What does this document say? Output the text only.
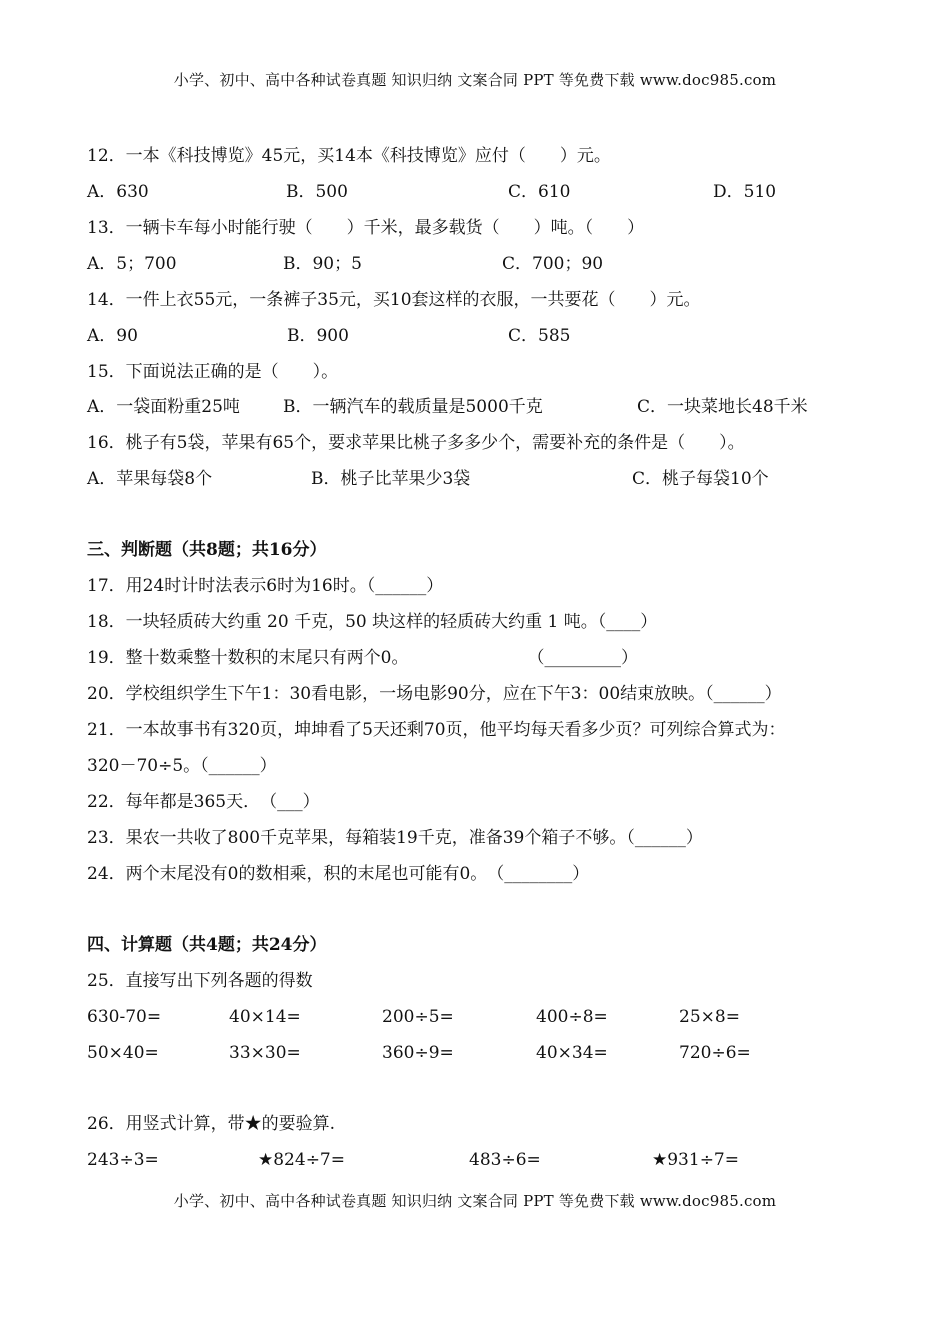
小学、初中、高中各种试卷真题 知识归纳 文案合同 PPT 等免费下载 www.doc985.com
12．一本《科技博览》45元，买14本《科技博览》应付（　　）元。
A．630	B．500	C．610	D．510
13．一辆卡车每小时能行驶（　　）千米，最多载货（　　）吨。（　　）
A．5；700	B．90；5	C．700；90
14．一件上衣55元，一条裤子35元，买10套这样的衣服，一共要花（　　）元。
A．90	B．900	C．585
15．下面说法正确的是（　　）。
A．一袋面粉重25吨	B．一辆汽车的载质量是5000千克	C．一块菜地长48千米
16．桃子有5袋，苹果有65个，要求苹果比桃子多多少个，需要补充的条件是（　　）。
A．苹果每袋8个	B．桃子比苹果少3袋	C．桃子每袋10个
三、判断题（共8题；共16分）
17．用24时计时法表示6时为16时。（______）
18．一块轻质砖大约重 20 千克，50 块这样的轻质砖大约重 1 吨。（____）
19．整十数乘整十数积的末尾只有两个0。　　　　　　　　（_________）
20．学校组织学生下午1：30看电影，一场电影90分，应在下午3：00结束放映。（______）
21．一本故事书有320页，坤坤看了5天还剩70页，他平均每天看多少页？可列综合算式为：
320－70÷5。（______）
22．每年都是365天．　（___）
23．果农一共收了800千克苹果，每箱装19千克，准备39个箱子不够。（______）
24．两个末尾没有0的数相乘，积的末尾也可能有0。　（________）
四、计算题（共4题；共24分）
25．直接写出下列各题的得数
630-70=	40×14=	200÷5=	400÷8=	25×8=
50×40=	33×30=	360÷9=	40×34=	720÷6=
26．用竖式计算，带★的要验算.
243÷3=	★824÷7=	483÷6=	★931÷7=
小学、初中、高中各种试卷真题 知识归纳 文案合同 PPT 等免费下载 www.doc985.com
